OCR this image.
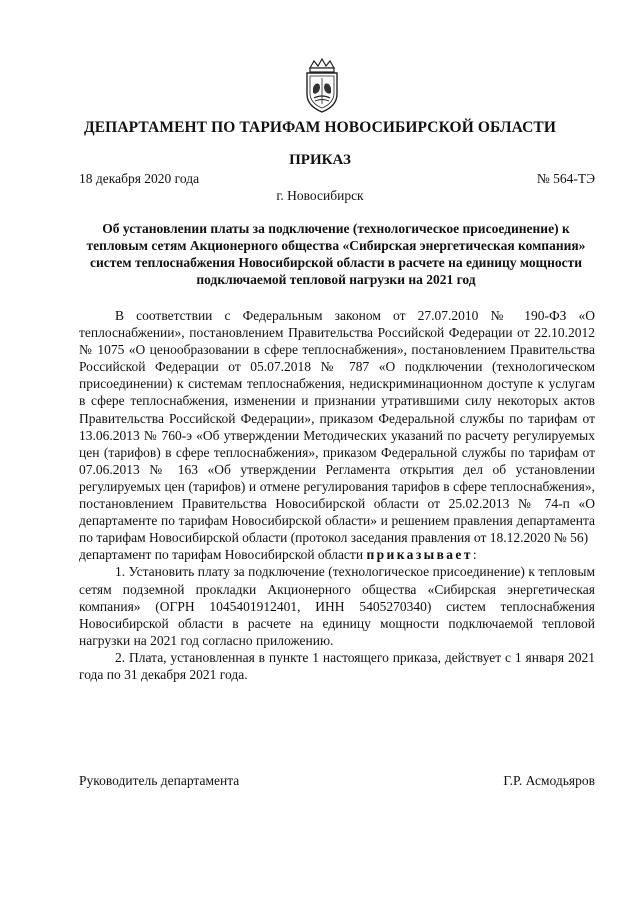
ДЕПАРТАМЕНТ ПО ТАРИФАМ НОВОСИБИРСКОЙ ОБЛАСТИ
ПРИКАЗ
18 декабря 2020 года	№ 564-ТЭ
г. Новосибирск
Об установлении платы за подключение (технологическое присоединение) к тепловым сетям Акционерного общества «Сибирская энергетическая компания» систем теплоснабжения Новосибирской области в расчете на единицу мощности подключаемой тепловой нагрузки на 2021 год

В соответствии с Федеральным законом от 27.07.2010 № 190-ФЗ «О теплоснабжении», постановлением Правительства Российской Федерации от 22.10.2012 № 1075 «О ценообразовании в сфере теплоснабжения», постановлением Правительства Российской Федерации от 05.07.2018 № 787 «О подключении (технологическом присоединении) к системам теплоснабжения, недискриминационном доступе к услугам в сфере теплоснабжения, изменении и признании утратившими силу некоторых актов Правительства Российской Федерации», приказом Федеральной службы по тарифам от 13.06.2013 № 760-э «Об утверждении Методических указаний по расчету регулируемых цен (тарифов) в сфере теплоснабжения», приказом Федеральной службы по тарифам от 07.06.2013 № 163 «Об утверждении Регламента открытия дел об установлении регулируемых цен (тарифов) и отмене регулирования тарифов в сфере теплоснабжения», постановлением Правительства Новосибирской области от 25.02.2013 № 74-п «О департаменте по тарифам Новосибирской области» и решением правления департамента по тарифам Новосибирской области (протокол заседания правления от 18.12.2020 № 56)

департамент по тарифам Новосибирской области приказывает:

1. Установить плату за подключение (технологическое присоединение) к тепловым сетям подземной прокладки Акционерного общества «Сибирская энергетическая компания» (ОГРН 1045401912401, ИНН 5405270340) систем теплоснабжения Новосибирской области в расчете на единицу мощности подключаемой тепловой нагрузки на 2021 год согласно приложению.

2. Плата, установленная в пункте 1 настоящего приказа, действует с 1 января 2021 года по 31 декабря 2021 года.

Руководитель департамента	Г.Р. Асмодьяров
